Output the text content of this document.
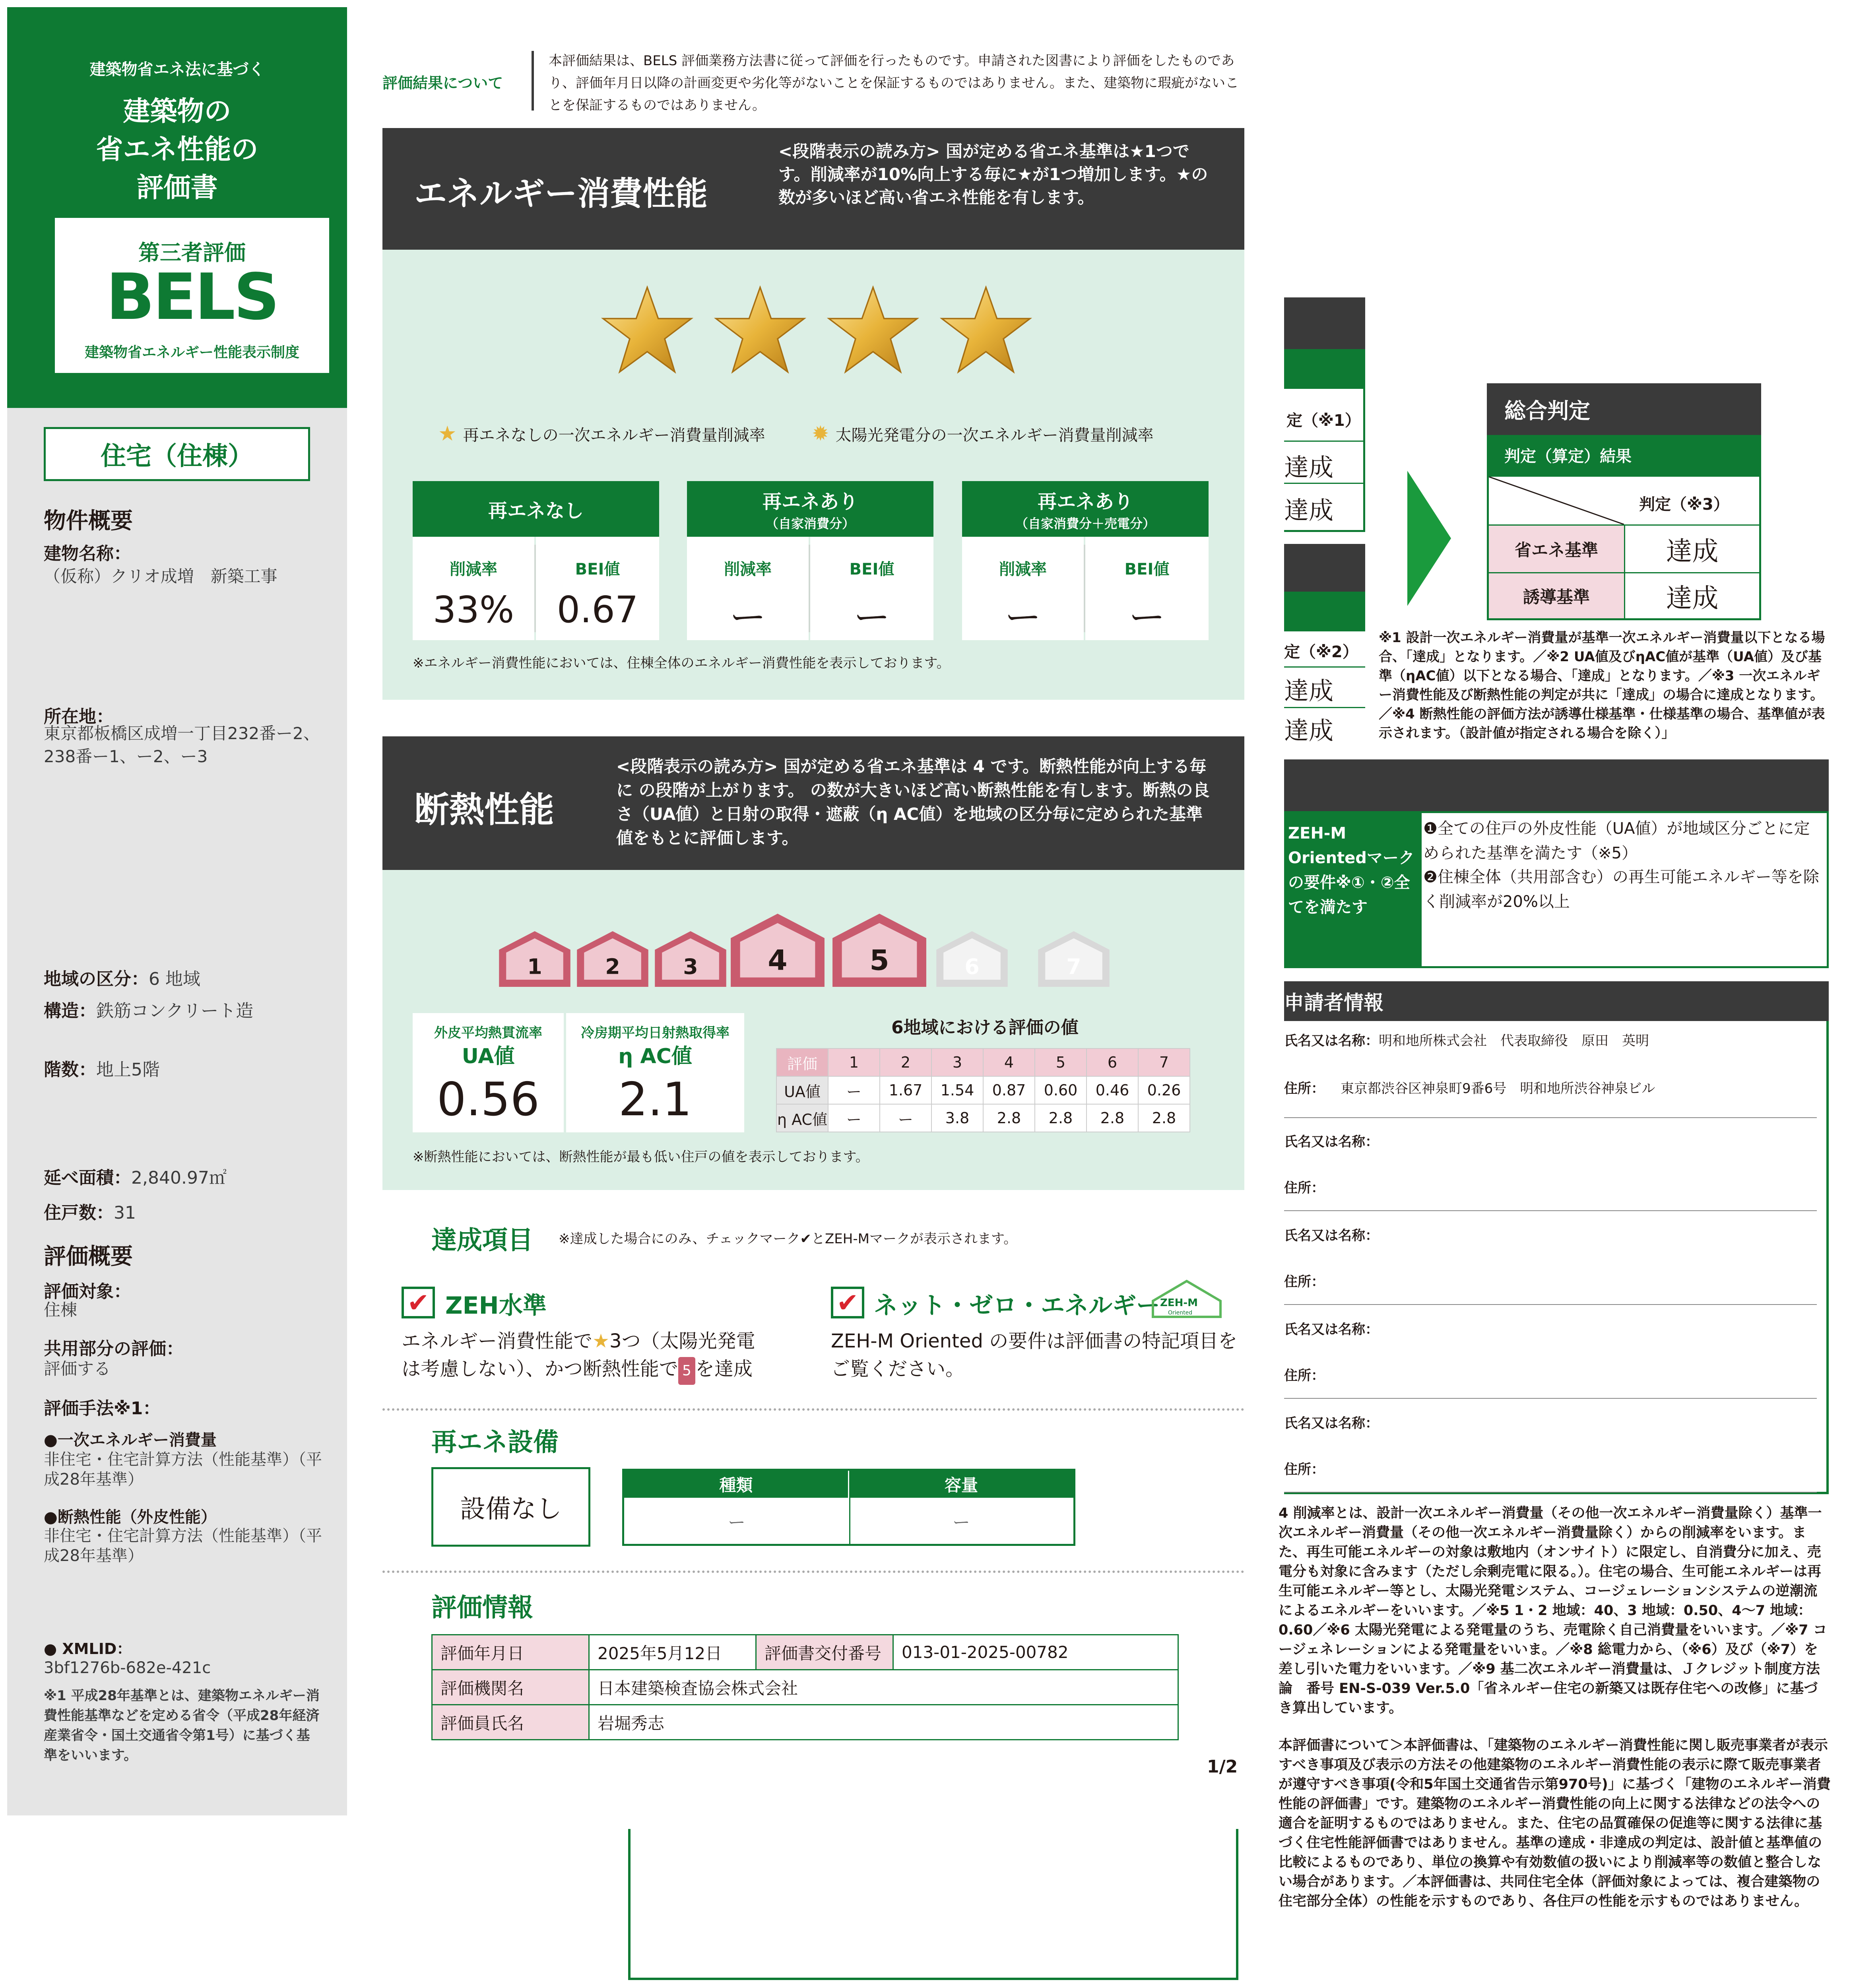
建築物省エネ法に基づく
建築物の
省エネ性能の
評価書
第三者評価
BELS
建築物省エネルギー性能表示制度
住宅（住棟）
物件概要
建物名称：
（仮称）クリオ成増　新築工事
所在地：
東京都板橋区成増一丁目232番ー2、238番ー1、ー2、ー3
地域の区分：6 地域
構造：鉄筋コンクリート造
階数：地上5階
延べ面積：2,840.97㎡
住戸数：31
評価概要
評価対象：
住棟
共用部分の評価：
評価する
評価手法※1：
●一次エネルギー消費量
非住宅・住宅計算方法（性能基準）（平成28年基準）
●断熱性能（外皮性能）
非住宅・住宅計算方法（性能基準）（平成28年基準）
● XMLID：
3bf1276b-682e-421c
※1 平成28年基準とは、建築物エネルギー消費性能基準などを定める省令（平成28年経済産業省令・国土交通省令第1号）に基づく基準をいいます。
評価結果について
本評価結果は、BELS 評価業務方法書に従って評価を行ったものです。申請された図書により評価をしたものであり、評価年月日以降の計画変更や劣化等がないことを保証するものではありません。また、建築物に瑕疵がないことを保証するものではありません。
エネルギー消費性能
<段階表示の読み方> 国が定める省エネ基準は★1つです。削減率が10%向上する毎に★が1つ増加します。★の数が多いほど高い省エネ性能を有します。
★ 再エネなしの一次エネルギー消費量削減率 ✹ 太陽光発電分の一次エネルギー消費量削減率
再エネなし
削減率
33%
BEI値
0.67
再エネあり
（自家消費分）
削減率
ー
BEI値
ー
再エネあり
（自家消費分＋売電分）
削減率
ー
BEI値
ー
※エネルギー消費性能においては、住棟全体のエネルギー消費性能を表示しております。
断熱性能
<段階表示の読み方> 国が定める省エネ基準は 4 です。断熱性能が向上する毎に の段階が上がります。 の数が大きいほど高い断熱性能を有します。断熱の良さ（UA値）と日射の取得・遮蔽（η AC値）を地域の区分毎に定められた基準値をもとに評価します。
1	2	3	4	5	6	7
外皮平均熱貫流率
UA値
0.56
冷房期平均日射熱取得率
η AC値
2.1
6地域における評価の値
評価	1	2	3	4	5	6	7
UA値	ー	1.67	1.54	0.87	0.60	0.46	0.26
η AC値	ー	ー	3.8	2.8	2.8	2.8	2.8
※断熱性能においては、断熱性能が最も低い住戸の値を表示しております。
達成項目 ※達成した場合にのみ、チェックマーク✔とZEH-Mマークが表示されます。
✔ ZEH水準
エネルギー消費性能で★3つ（太陽光発電
は考慮しない）、かつ断熱性能で 5 を達成
✔ ネット・ゼロ・エネルギー ZEH-M
Oriented
ZEH-M Oriented の要件は評価書の特記項目をご覧ください。
再エネ設備
設備なし
種類	容量
ー	ー
評価情報
評価年月日	2025年5月12日	評価書交付番号	013-01-2025-00782
評価機関名	日本建築検査協会株式会社		
評価員氏名	岩堀秀志		
1/2
定（※1）
達成
達成
定（※2）
達成
達成
総合判定
判定（算定）結果
判定（※3）
省エネ基準	達成
誘導基準	達成
※1 設計一次エネルギー消費量が基準一次エネルギー消費量以下となる場合、「達成」となります。／※2 UA値及びηAC値が基準（UA値）及び基準（ηAC値）以下となる場合、「達成」となります。／※3 一次エネルギー消費性能及び断熱性能の判定が共に「達成」の場合に達成となります。／※4 断熱性能の評価方法が誘導仕様基準・仕様基準の場合、基準値が表示されます。（設計値が指定される場合を除く）」
ZEH-M Orientedマークの要件※①・②全てを満たす
❶全ての住戸の外皮性能（UA値）が地域区分ごとに定められた基準を満たす（※5）
❷住棟全体（共用部含む）の再生可能エネルギー等を除く削減率が20%以上
申請者情報
氏名又は名称：明和地所株式会社　代表取締役　原田　英明
住所： 東京都渋谷区神泉町9番6号　明和地所渋谷神泉ビル
氏名又は名称：
住所：
氏名又は名称：
住所：
氏名又は名称：
住所：
氏名又は名称：
住所：
4 削減率とは、設計一次エネルギー消費量（その他一次エネルギー消費量除く）基準一次エネルギー消費量（その他一次エネルギー消費量除く）からの削減率をいます。また、再生可能エネルギーの対象は敷地内（オンサイト）に限定し、自消費分に加え、売電分も対象に含みます（ただし余剰売電に限る。）。住宅の場合、生可能エネルギーは再生可能エネルギー等とし、太陽光発電システム、コージェレーションシステムの逆潮流によるエネルギーをいいます。／※5 1・2 地域：40、3 地域：0.50、4～7 地域：0.60／※6 太陽光発電による発電量のうち、売電除く自己消費量をいいます。／※7 コージェネレーションによる発電量をいいま。／※8 総電力から、（※6）及び（※7）を差し引いた電力をいいます。／※9 基二次エネルギー消費量は、Ｊクレジット制度方法論　番号 EN-S-039 Ver.5.0「省ネルギー住宅の新築又は既存住宅への改修」に基づき算出しています。
本評価書について＞本評価書は、「建築物のエネルギー消費性能に関し販売事業者が表示すべき事項及び表示の方法その他建築物のエネルギー消費性能の表示に際て販売事業者が遵守すべき事項(令和5年国土交通省告示第970号)」に基づく「建物のエネルギー消費性能の評価書」です。建築物のエネルギー消費性能の向上に関する法律などの法令への適合を証明するものではありません。また、住宅の品質確保の促進等に関する法律に基づく住宅性能評価書ではありません。基準の達成・非達成の判定は、設計値と基準値の比較によるものであり、単位の換算や有効数値の扱いにより削減率等の数値と整合しない場合があります。／本評価書は、共同住宅全体（評価対象によっては、複合建築物の住宅部分全体）の性能を示すものであり、各住戸の性能を示すものではありません。
